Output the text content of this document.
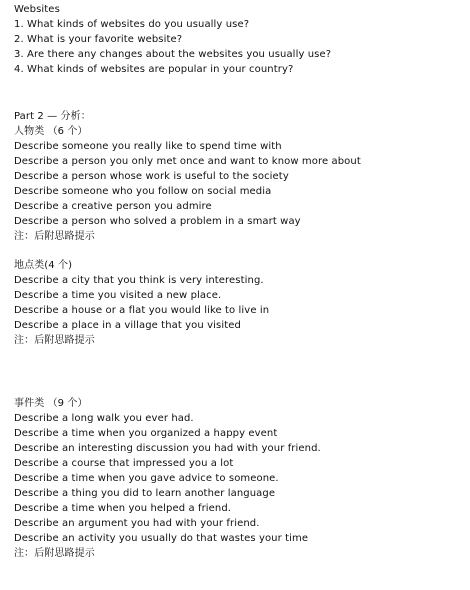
Websites
1. What kinds of websites do you usually use?
2. What is your favorite website?
3. Are there any changes about the websites you usually use?
4. What kinds of websites are popular in your country?
Part 2 — 分析：
人物类 （6 个）
Describe someone you really like to spend time with
Describe a person you only met once and want to know more about
Describe a person whose work is useful to the society
Describe someone who you follow on social media
Describe a creative person you admire
Describe a person who solved a problem in a smart way
注：后附思路提示
地点类(4 个)
Describe a city that you think is very interesting.
Describe a time you visited a new place.
Describe a house or a flat you would like to live in
Describe a place in a village that you visited
注：后附思路提示
事件类 （9 个）
Describe a long walk you ever had.
Describe a time when you organized a happy event
Describe an interesting discussion you had with your friend.
Describe a course that impressed you a lot
Describe a time when you gave advice to someone.
Describe a thing you did to learn another language
Describe a time when you helped a friend.
Describe an argument you had with your friend.
Describe an activity you usually do that wastes your time
注：后附思路提示
